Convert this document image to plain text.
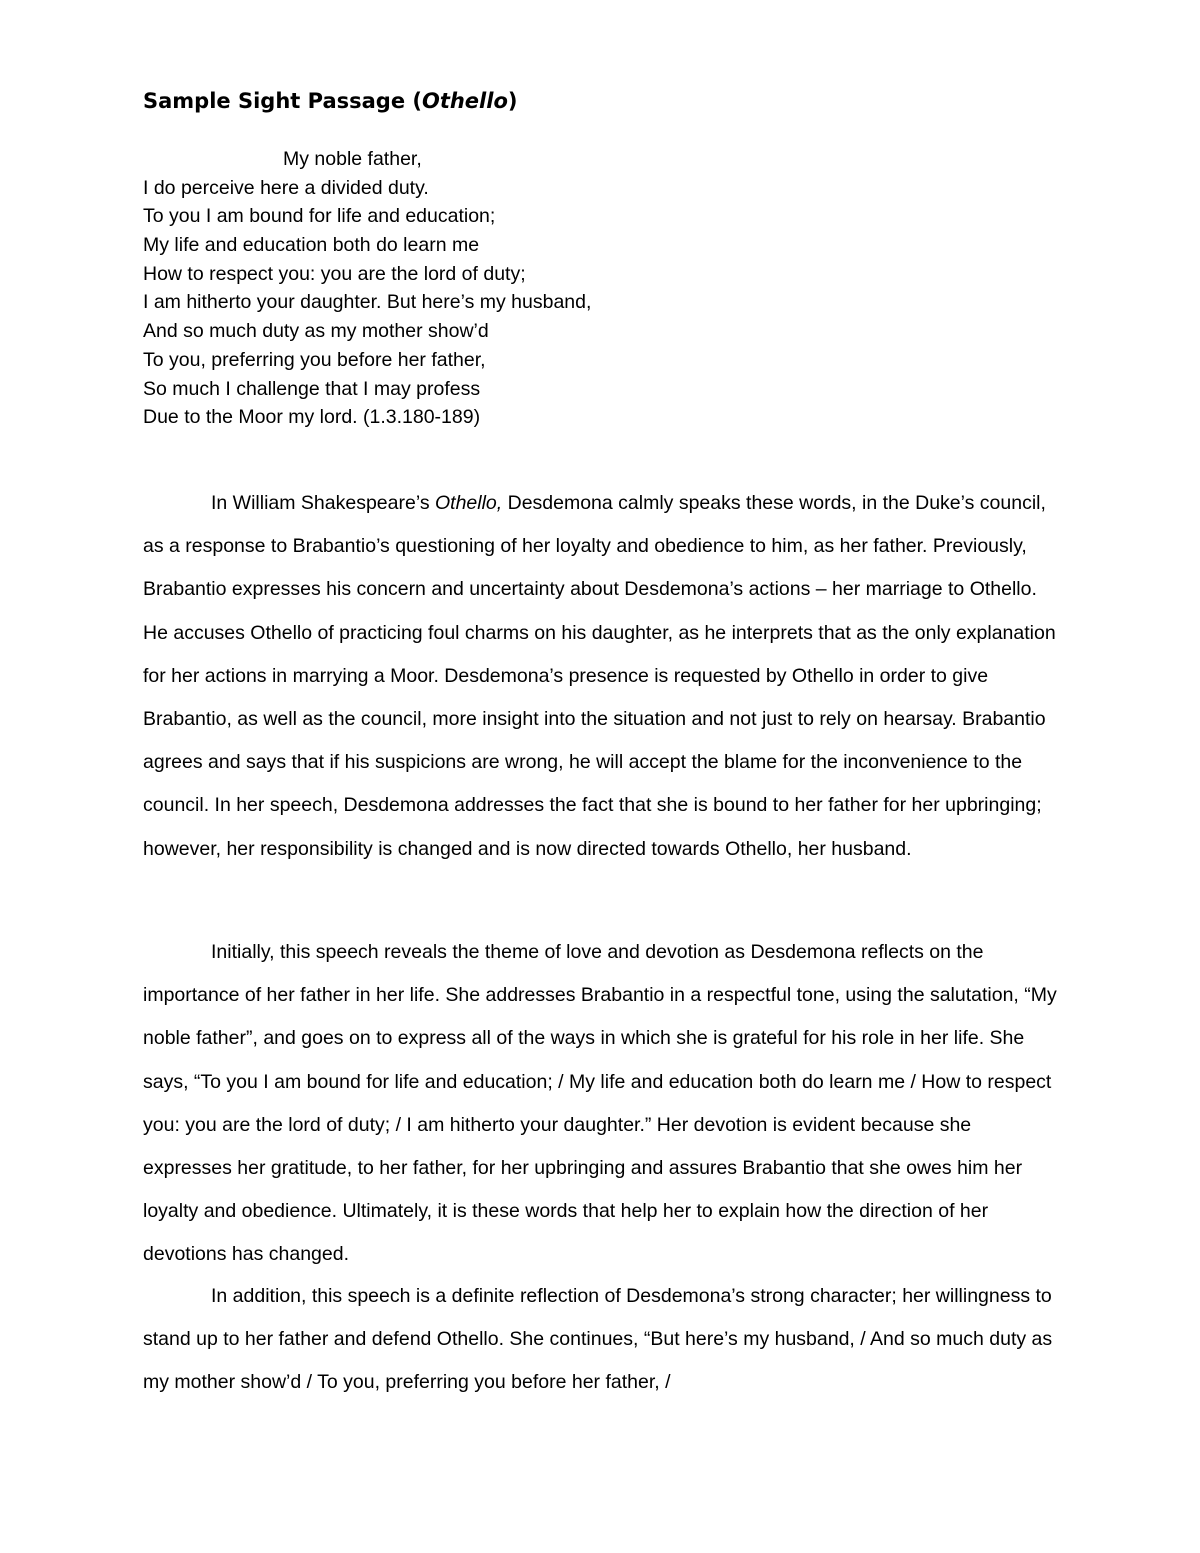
Sample Sight Passage (Othello)
My noble father,
I do perceive here a divided duty.
To you I am bound for life and education;
My life and education both do learn me
How to respect you: you are the lord of duty;
I am hitherto your daughter. But here’s my husband,
And so much duty as my mother show’d
To you, preferring you before her father,
So much I challenge that I may profess
Due to the Moor my lord. (1.3.180-189)

In William Shakespeare’s Othello, Desdemona calmly speaks these words, in the Duke’s council, as a response to Brabantio’s questioning of her loyalty and obedience to him, as her father. Previously, Brabantio expresses his concern and uncertainty about Desdemona’s actions – her marriage to Othello. He accuses Othello of practicing foul charms on his daughter, as he interprets that as the only explanation for her actions in marrying a Moor. Desdemona’s presence is requested by Othello in order to give Brabantio, as well as the council, more insight into the situation and not just to rely on hearsay. Brabantio agrees and says that if his suspicions are wrong, he will accept the blame for the inconvenience to the council. In her speech, Desdemona addresses the fact that she is bound to her father for her upbringing; however, her responsibility is changed and is now directed towards Othello, her husband.

Initially, this speech reveals the theme of love and devotion as Desdemona reflects on the importance of her father in her life. She addresses Brabantio in a respectful tone, using the salutation, “My noble father”, and goes on to express all of the ways in which she is grateful for his role in her life. She says, “To you I am bound for life and education; / My life and education both do learn me / How to respect you: you are the lord of duty; / I am hitherto your daughter.” Her devotion is evident because she expresses her gratitude, to her father, for her upbringing and assures Brabantio that she owes him her loyalty and obedience. Ultimately, it is these words that help her to explain how the direction of her devotions has changed.

In addition, this speech is a definite reflection of Desdemona’s strong character; her willingness to stand up to her father and defend Othello. She continues, “But here’s my husband, / And so much duty as my mother show’d / To you, preferring you before her father, /
